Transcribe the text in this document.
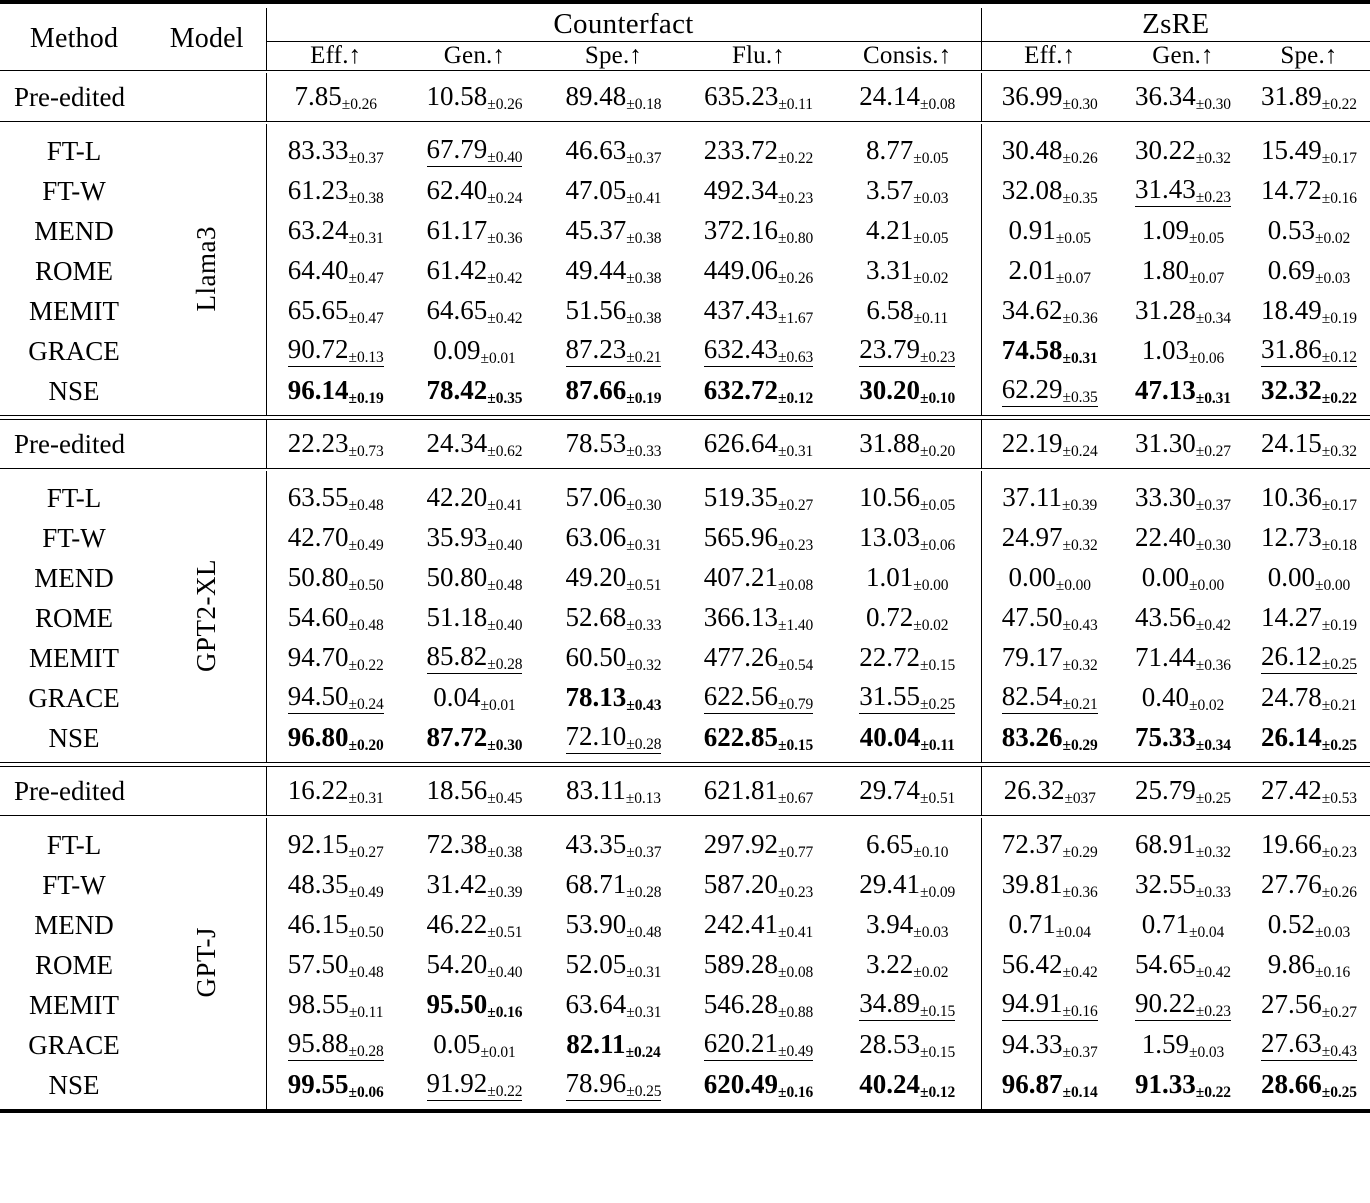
Method	Model	Counterfact					ZsRE		
		Eff.↑	Gen.↑	Spe.↑	Flu.↑	Consis.↑	Eff.↑	Gen.↑	Spe.↑

Pre-edited		7.85±0.26	10.58±0.26	89.48±0.18	635.23±0.11	24.14±0.08	36.99±0.30	36.34±0.30	31.89±0.22

FT-L	Llama3	83.33±0.37	67.79±0.40	46.63±0.37	233.72±0.22	8.77±0.05	30.48±0.26	30.22±0.32	15.49±0.17
FT-W		61.23±0.38	62.40±0.24	47.05±0.41	492.34±0.23	3.57±0.03	32.08±0.35	31.43±0.23	14.72±0.16
MEND		63.24±0.31	61.17±0.36	45.37±0.38	372.16±0.80	4.21±0.05	0.91±0.05	1.09±0.05	0.53±0.02
ROME		64.40±0.47	61.42±0.42	49.44±0.38	449.06±0.26	3.31±0.02	2.01±0.07	1.80±0.07	0.69±0.03
MEMIT		65.65±0.47	64.65±0.42	51.56±0.38	437.43±1.67	6.58±0.11	34.62±0.36	31.28±0.34	18.49±0.19
GRACE		90.72±0.13	0.09±0.01	87.23±0.21	632.43±0.63	23.79±0.23	74.58±0.31	1.03±0.06	31.86±0.12
NSE		96.14±0.19	78.42±0.35	87.66±0.19	632.72±0.12	30.20±0.10	62.29±0.35	47.13±0.31	32.32±0.22

Pre-edited		22.23±0.73	24.34±0.62	78.53±0.33	626.64±0.31	31.88±0.20	22.19±0.24	31.30±0.27	24.15±0.32

FT-L	GPT2-XL	63.55±0.48	42.20±0.41	57.06±0.30	519.35±0.27	10.56±0.05	37.11±0.39	33.30±0.37	10.36±0.17
FT-W		42.70±0.49	35.93±0.40	63.06±0.31	565.96±0.23	13.03±0.06	24.97±0.32	22.40±0.30	12.73±0.18
MEND		50.80±0.50	50.80±0.48	49.20±0.51	407.21±0.08	1.01±0.00	0.00±0.00	0.00±0.00	0.00±0.00
ROME		54.60±0.48	51.18±0.40	52.68±0.33	366.13±1.40	0.72±0.02	47.50±0.43	43.56±0.42	14.27±0.19
MEMIT		94.70±0.22	85.82±0.28	60.50±0.32	477.26±0.54	22.72±0.15	79.17±0.32	71.44±0.36	26.12±0.25
GRACE		94.50±0.24	0.04±0.01	78.13±0.43	622.56±0.79	31.55±0.25	82.54±0.21	0.40±0.02	24.78±0.21
NSE		96.80±0.20	87.72±0.30	72.10±0.28	622.85±0.15	40.04±0.11	83.26±0.29	75.33±0.34	26.14±0.25

Pre-edited		16.22±0.31	18.56±0.45	83.11±0.13	621.81±0.67	29.74±0.51	26.32±037	25.79±0.25	27.42±0.53

FT-L	GPT-J	92.15±0.27	72.38±0.38	43.35±0.37	297.92±0.77	6.65±0.10	72.37±0.29	68.91±0.32	19.66±0.23
FT-W		48.35±0.49	31.42±0.39	68.71±0.28	587.20±0.23	29.41±0.09	39.81±0.36	32.55±0.33	27.76±0.26
MEND		46.15±0.50	46.22±0.51	53.90±0.48	242.41±0.41	3.94±0.03	0.71±0.04	0.71±0.04	0.52±0.03
ROME		57.50±0.48	54.20±0.40	52.05±0.31	589.28±0.08	3.22±0.02	56.42±0.42	54.65±0.42	9.86±0.16
MEMIT		98.55±0.11	95.50±0.16	63.64±0.31	546.28±0.88	34.89±0.15	94.91±0.16	90.22±0.23	27.56±0.27
GRACE		95.88±0.28	0.05±0.01	82.11±0.24	620.21±0.49	28.53±0.15	94.33±0.37	1.59±0.03	27.63±0.43
NSE		99.55±0.06	91.92±0.22	78.96±0.25	620.49±0.16	40.24±0.12	96.87±0.14	91.33±0.22	28.66±0.25
